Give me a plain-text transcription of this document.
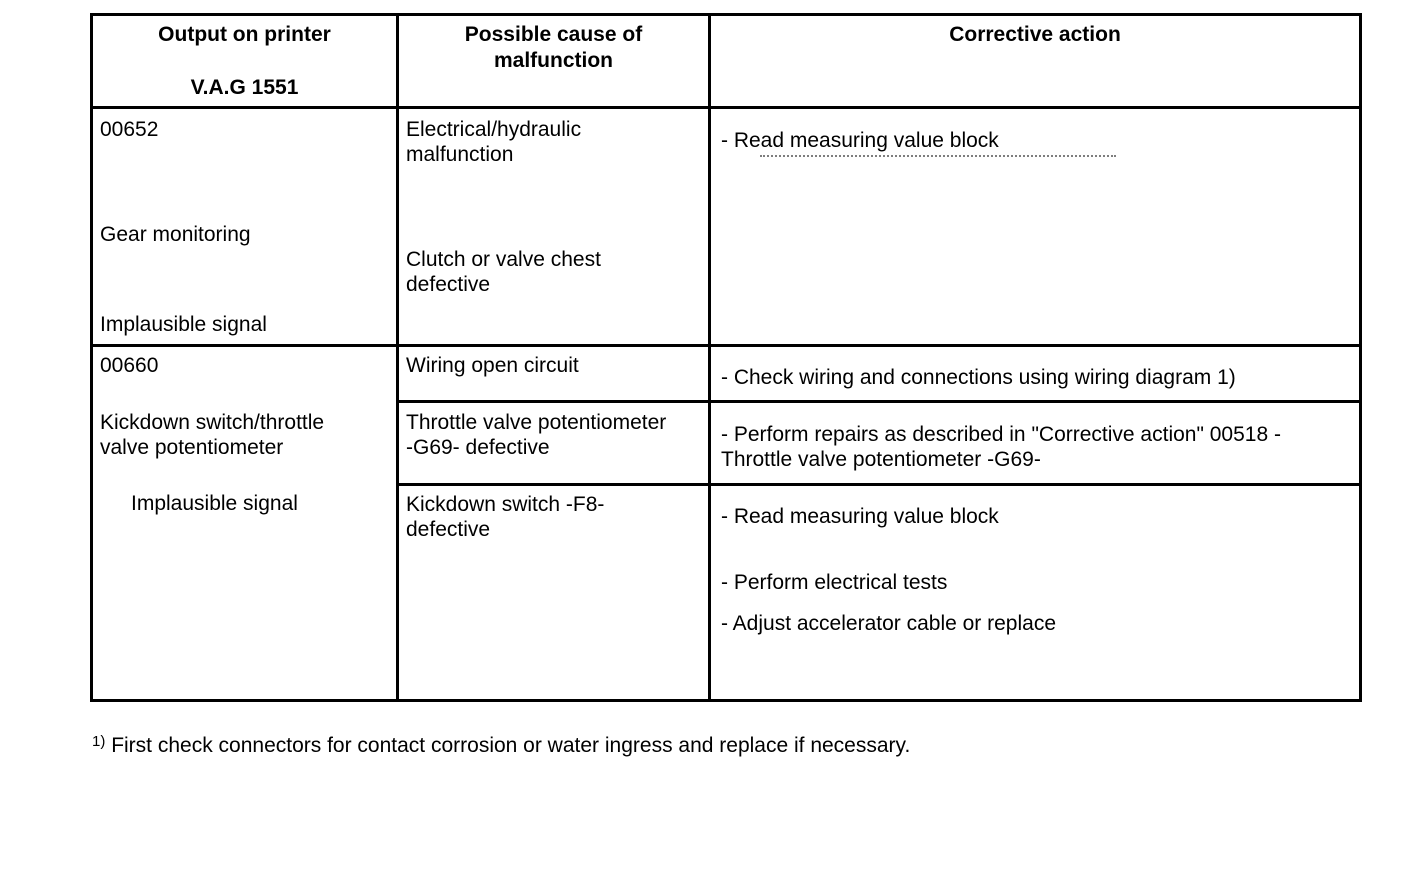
Output on printer
V.A.G 1551
Possible cause of
malfunction
Corrective action
00652
Gear monitoring
Implausible signal
Electrical/hydraulic
malfunction
Clutch or valve chest
defective
- Read measuring value block
00660
Kickdown switch/throttle
valve potentiometer
Implausible signal
Wiring open circuit
- Check wiring and connections using wiring diagram 1)
Throttle valve potentiometer
-G69- defective
- Perform repairs as described in "Corrective action" 00518 -
Throttle valve potentiometer -G69-
Kickdown switch -F8-
defective
- Read measuring value block
- Perform electrical tests
- Adjust accelerator cable or replace
$^{1)}$ First check connectors for contact corrosion or water ingress and replace if necessary.
